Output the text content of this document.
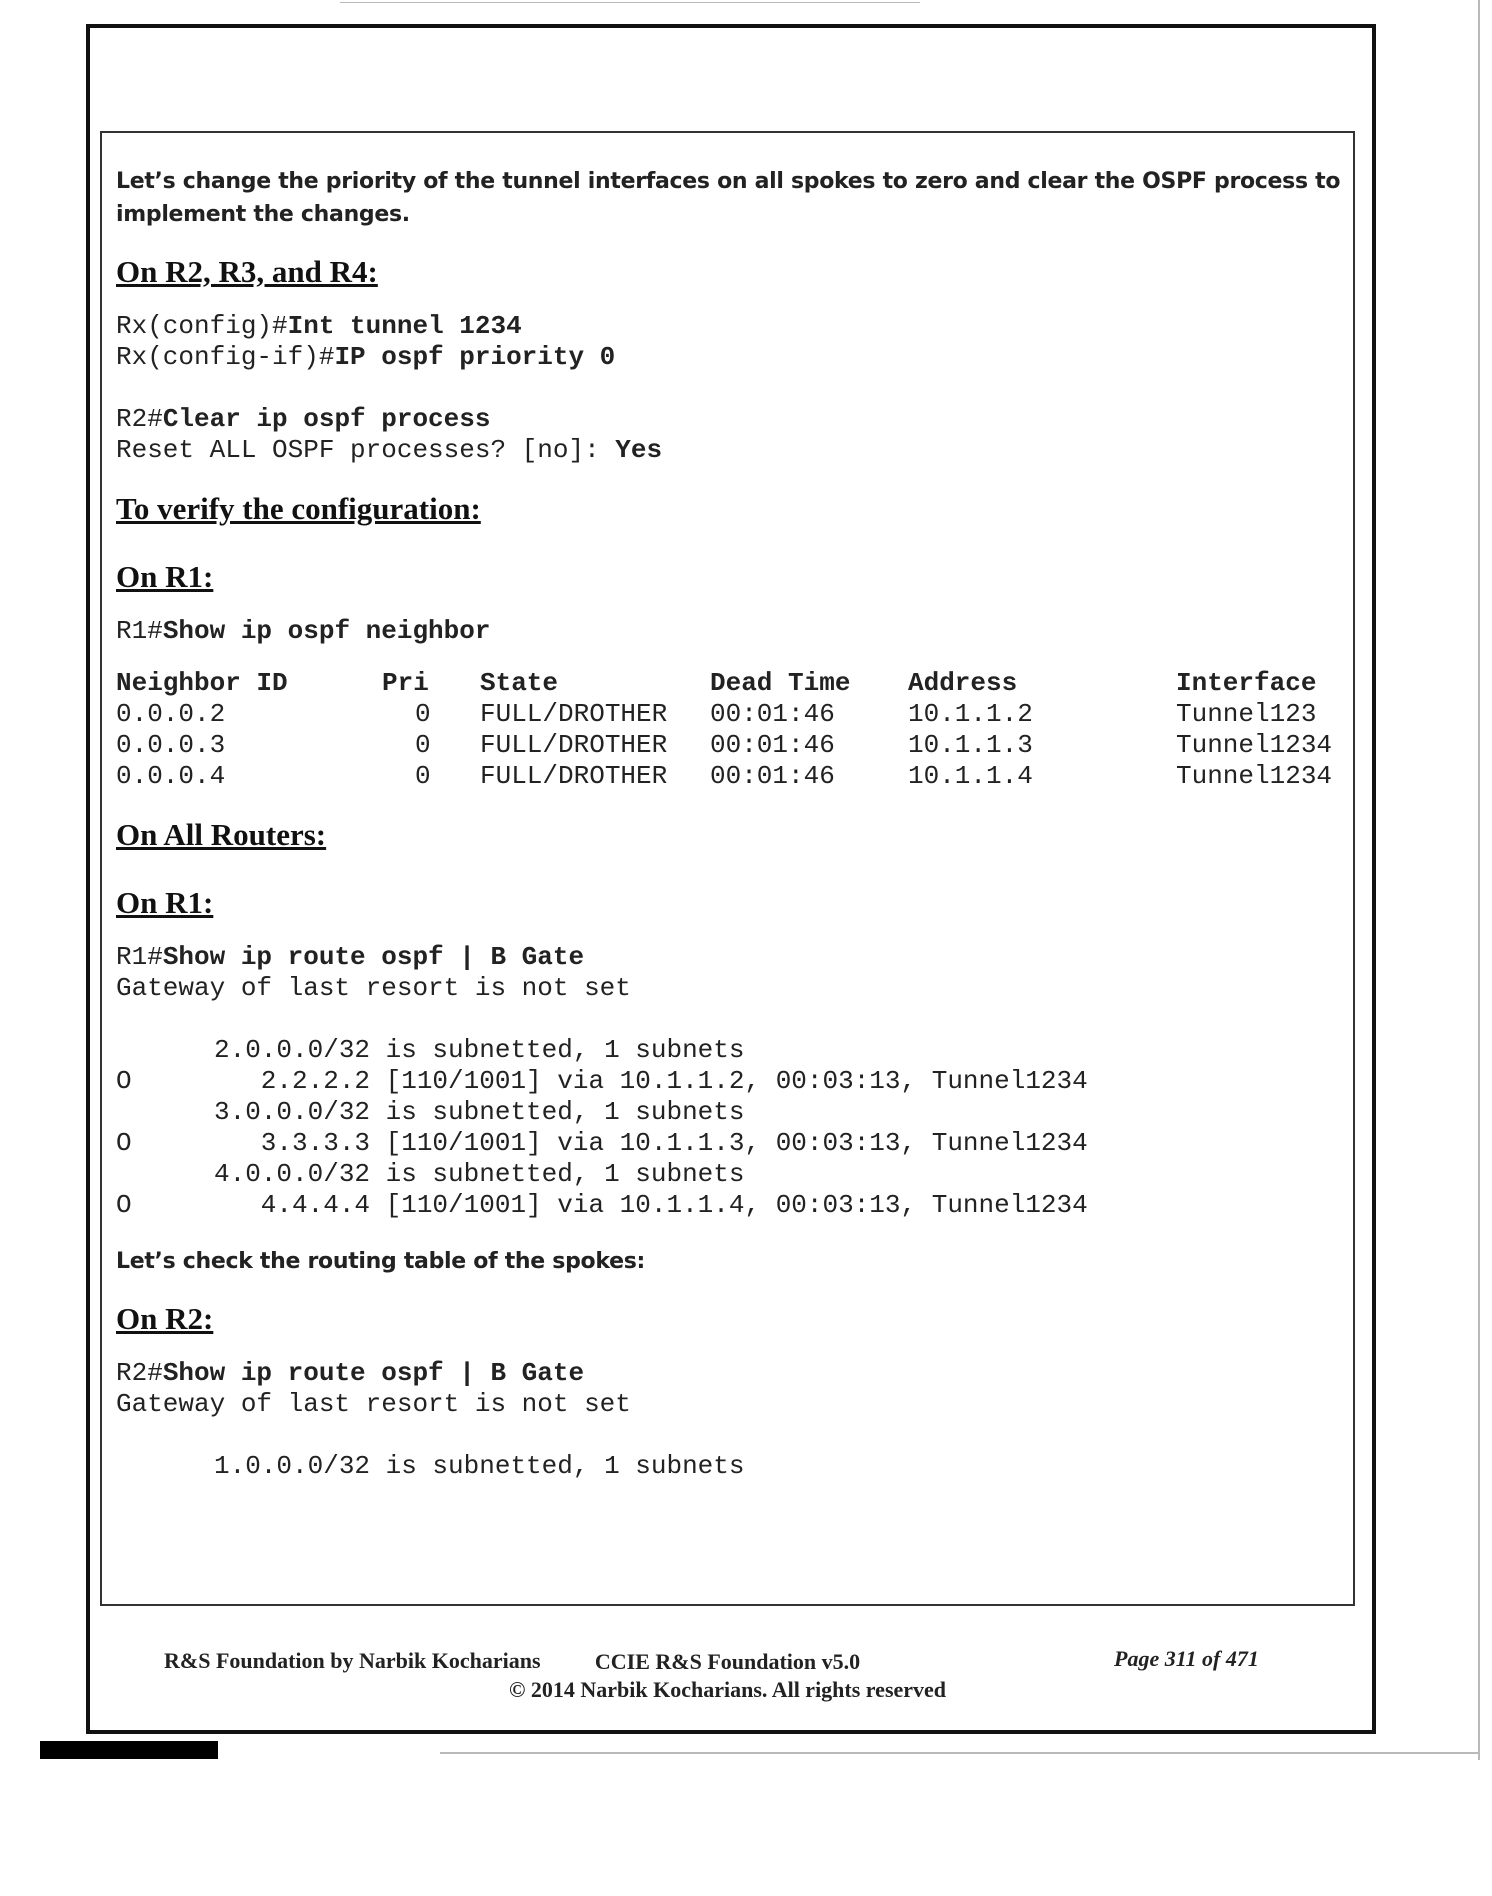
Let’s change the priority of the tunnel interfaces on all spokes to zero and clear the OSPF process to implement the changes.

On R2, R3, and R4:

Rx(config)#Int tunnel 1234
Rx(config-if)#IP ospf priority 0
R2#Clear ip ospf process
Reset ALL OSPF processes? [no]: Yes

To verify the configuration:

On R1:

R1#Show ip ospf neighbor
Neighbor ID	Pri	State	Dead Time	Address	Interface
0.0.0.2	0	FULL/DROTHER	00:01:46	10.1.1.2	Tunnel123
0.0.0.3	0	FULL/DROTHER	00:01:46	10.1.1.3	Tunnel1234
0.0.0.4	0	FULL/DROTHER	00:01:46	10.1.1.4	Tunnel1234

On All Routers:

On R1:

R1#Show ip route ospf | B Gate
Gateway of last resort is not set
2.0.0.0/32 is subnetted, 1 subnets
O	2.2.2.2 [110/1001] via 10.1.1.2, 00:03:13, Tunnel1234
3.0.0.0/32 is subnetted, 1 subnets
O	3.3.3.3 [110/1001] via 10.1.1.3, 00:03:13, Tunnel1234
4.0.0.0/32 is subnetted, 1 subnets
O	4.4.4.4 [110/1001] via 10.1.1.4, 00:03:13, Tunnel1234

Let’s check the routing table of the spokes:

On R2:

R2#Show ip route ospf | B Gate
Gateway of last resort is not set
1.0.0.0/32 is subnetted, 1 subnets
R&S Foundation by Narbik Kocharians	CCIE R&S Foundation v5.0
© 2014 Narbik Kocharians. All rights reserved
Page 311 of 471
